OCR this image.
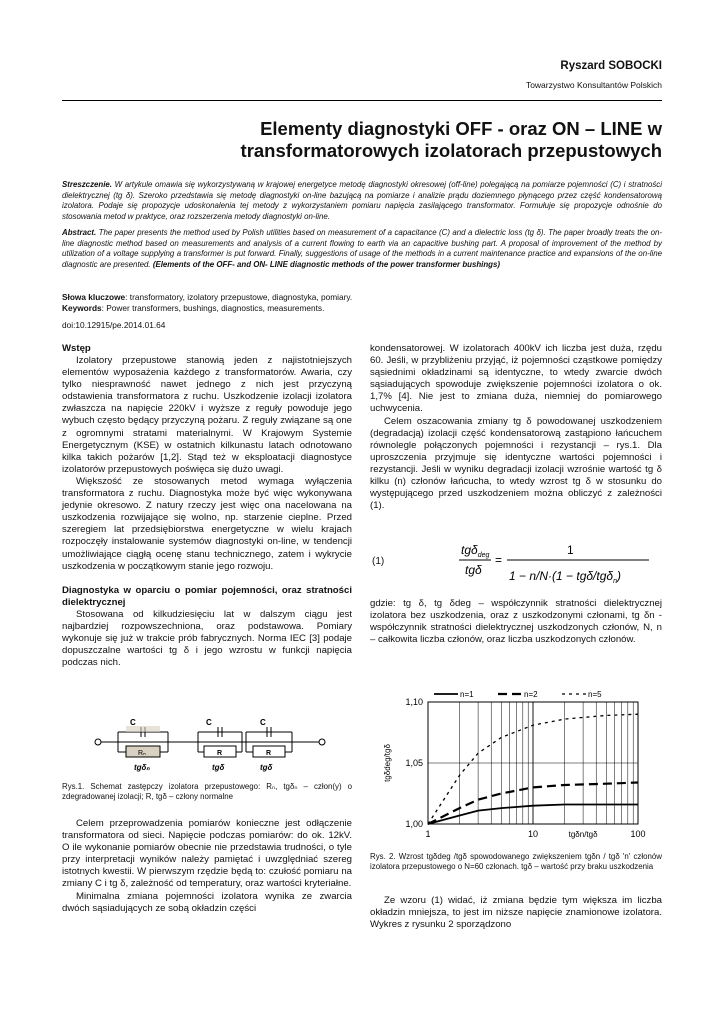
Ryszard SOBOCKI
Towarzystwo Konsultantów Polskich
Elementy diagnostyki OFF - oraz ON – LINE w transformatorowych izolatorach przepustowych
Streszczenie. W artykule omawia się wykorzystywaną w krajowej energetyce metodę diagnostyki okresowej (off-line) polegającą na pomiarze pojemności (C) i stratności dielektrycznej (tg δ). Szeroko przedstawia się metodę diagnostyki on-line bazującą na pomiarze i analizie prądu doziemnego płynącego przez część kondensatorową izolatora. Podaje się propozycje udoskonalenia tej metody z wykorzystaniem pomiaru napięcia zasilającego transformator. Formułuje się propozycje odnośnie do stosowania metod w praktyce, oraz rozszerzenia metody diagnostyki on-line.
Abstract. The paper presents the method used by Polish utilities based on measurement of a capacitance (C) and a dielectric loss (tg δ). The paper broadly treats the on-line diagnostic method based on measurements and analysis of a current flowing to earth via an capacitive bushing part. A proposal of improvement of the method by utilization of a voltage supplying a transformer is put forward. Finally, suggestions of usage of the methods in a current maintenance practice and expansions of the on-line diagnostic are presented. (Elements of the OFF- and ON- LINE diagnostic methods of the power transformer bushings)
Słowa kluczowe: transformatory, izolatory przepustowe, diagnostyka, pomiary.
Keywords: Power transformers, bushings, diagnostics, measurements.
doi:10.12915/pe.2014.01.64
Wstęp

Izolatory przepustowe stanowią jeden z najistotniejszych elementów wyposażenia każdego z transformatorów. Awaria, czy tylko niesprawność nawet jednego z nich jest przyczyną odstawienia transformatora z ruchu. Uszkodzenie izolacji izolatora zwłaszcza na napięcie 220kV i wyższe z reguły powoduje jego wybuch często będący przyczyną pożaru. Z reguły związane są one z ogromnymi stratami materialnymi. W Krajowym Systemie Energetycznym (KSE) w ostatnich kilkunastu latach odnotowano kilka takich pożarów [1,2]. Stąd też w eksploatacji diagnostyce izolatorów przepustowych poświęca się dużo uwagi.

Większość ze stosowanych metod wymaga wyłączenia transformatora z ruchu. Diagnostyka może być więc wykonywana jedynie okresowo. Z natury rzeczy jest więc ona nacelowana na uszkodzenia rozwijające się wolno, np. starzenie cieplne. Przed szeregiem lat przedsiębiorstwa energetyczne w wielu krajach rozpoczęły instalowanie systemów diagnostyki on-line, w tendencji umożliwiające ciągłą ocenę stanu technicznego, zatem i wykrycie uszkodzenia w początkowym stanie jego rozwoju.

Diagnostyka w oparciu o pomiar pojemności, oraz stratności dielektrycznej

Stosowana od kilkudziesięciu lat w dalszym ciągu jest najbardziej rozpowszechniona, oraz podstawowa. Pomiary wykonuje się już w trakcie prób fabrycznych. Norma IEC [3] podaje dopuszczalne wartości tg δ i jego wzrostu w funkcji napięcia podczas nich.

C	C	C
Rₙ	R	R
tgδₙ	tgδ	tgδ
Rys.1. Schemat zastępczy izolatora przepustowego: Rₙ, tgδₙ – człon(y) o zdegradowanej izolacji; R, tgδ – człony normalne

Celem przeprowadzenia pomiarów konieczne jest odłączenie transformatora od sieci. Napięcie podczas pomiarów: do ok. 12kV. O ile wykonanie pomiarów obecnie nie przedstawia trudności, o tyle przy interpretacji wyników należy pamiętać i uwzględniać szereg istotnych kwestii. W pierwszym rzędzie będą to: czułość pomiaru na zmiany C i tg δ, zależność od temperatury, oraz wartości kryteriałne.

Minimalna zmiana pojemności izolatora wynika ze zwarcia dwóch sąsiadujących ze sobą okładzin części

kondensatorowej. W izolatorach 400kV ich liczba jest duża, rzędu 60. Jeśli, w przybliżeniu przyjąć, iż pojemności cząstkowe pomiędzy sąsiednimi okładzinami są identyczne, to wtedy zwarcie dwóch sąsiadujących spowoduje zwiększenie pojemności izolatora o ok. 1,7% [4]. Nie jest to zmiana duża, niemniej do pomiarowego uchwycenia.

Celem oszacowania zmiany tg δ powodowanej uszkodzeniem (degradacją) izolacji część kondensatorową zastąpiono łańcuchem równolegle połączonych pojemności i rezystancji – rys.1. Dla uproszczenia przyjmuje się identyczne wartości pojemności i rezystancji. Jeśli w wyniku degradacji izolacji wzrośnie wartość tg δ kilku (n) członów łańcucha, to wtedy wzrost tg δ w stosunku do występującego przed uszkodzeniem można obliczyć z zależności (1).

(1)
tgδ$_{deg}$
tgδ
=
1
1 − n/N·(1 − tgδ/tgδ$_n$)

gdzie: tg δ, tg δdeg – współczynnik stratności dielektrycznej izolatora bez uszkodzenia, oraz z uszkodzonymi członami, tg δn - współczynnik stratności dielektrycznej uszkodzonych członów, N, n – całkowita liczba członów, oraz liczba uszkodzonych członów.

1	10	100
1,00
1,05
1,10
tgδn/tgδ
tgδdeg/tgδ
n=1	n=2	n=5
Rys. 2. Wzrost tgδdeg /tgδ spowodowanego zwiększeniem tgδn / tgδ 'n' członów izolatora przepustowego o N=60 członach. tgδ – wartość przy braku uszkodzenia

Ze wzoru (1) widać, iż zmiana będzie tym większa im liczba okładzin mniejsza, to jest im niższe napięcie znamionowe izolatora. Wykres z rysunku 2 sporządzono
